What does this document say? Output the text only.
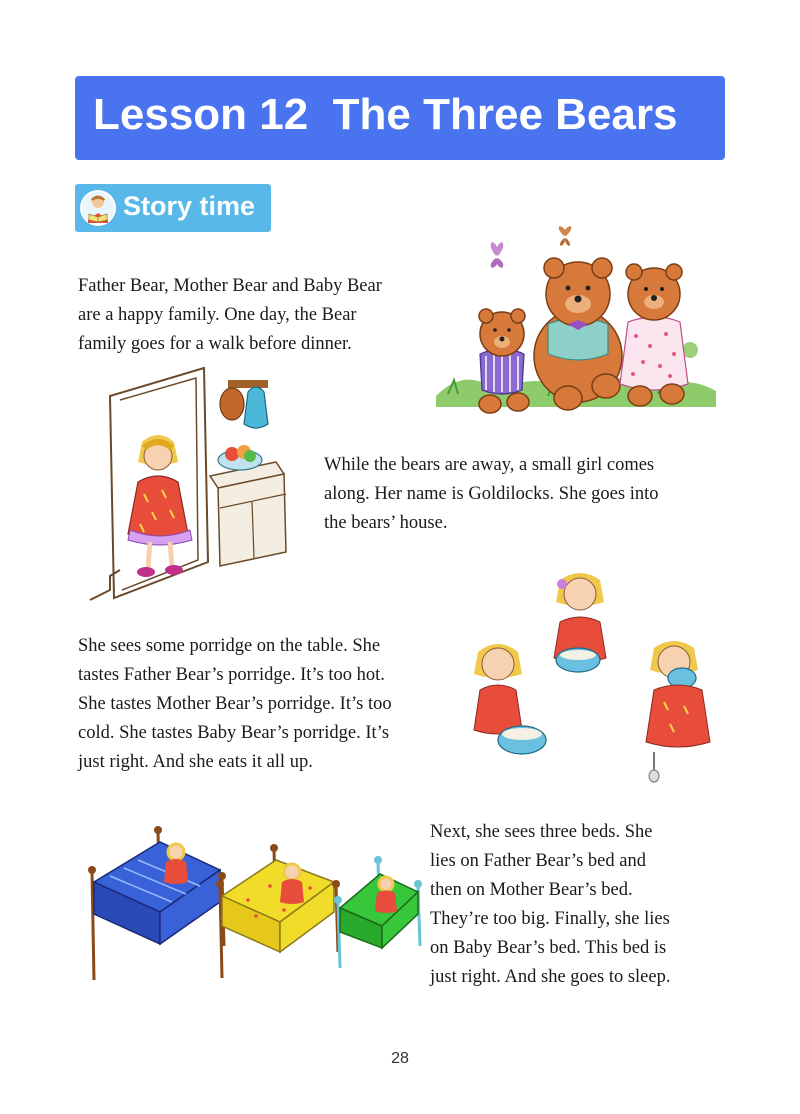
Lesson 12  The Three Bears
Story time
Father Bear, Mother Bear and Baby Bear
are a happy family. One day, the Bear
family goes for a walk before dinner.
While the bears are away, a small girl comes
along. Her name is Goldilocks. She goes into
the bears’ house.
She sees some porridge on the table. She
tastes Father Bear’s porridge. It’s too hot.
She tastes Mother Bear’s porridge. It’s too
cold. She tastes Baby Bear’s porridge. It’s
just right. And she eats it all up.
Next, she sees three beds. She
lies on Father Bear’s bed and
then on Mother Bear’s bed.
They’re too big. Finally, she lies
on Baby Bear’s bed. This bed is
just right. And she goes to sleep.
28
